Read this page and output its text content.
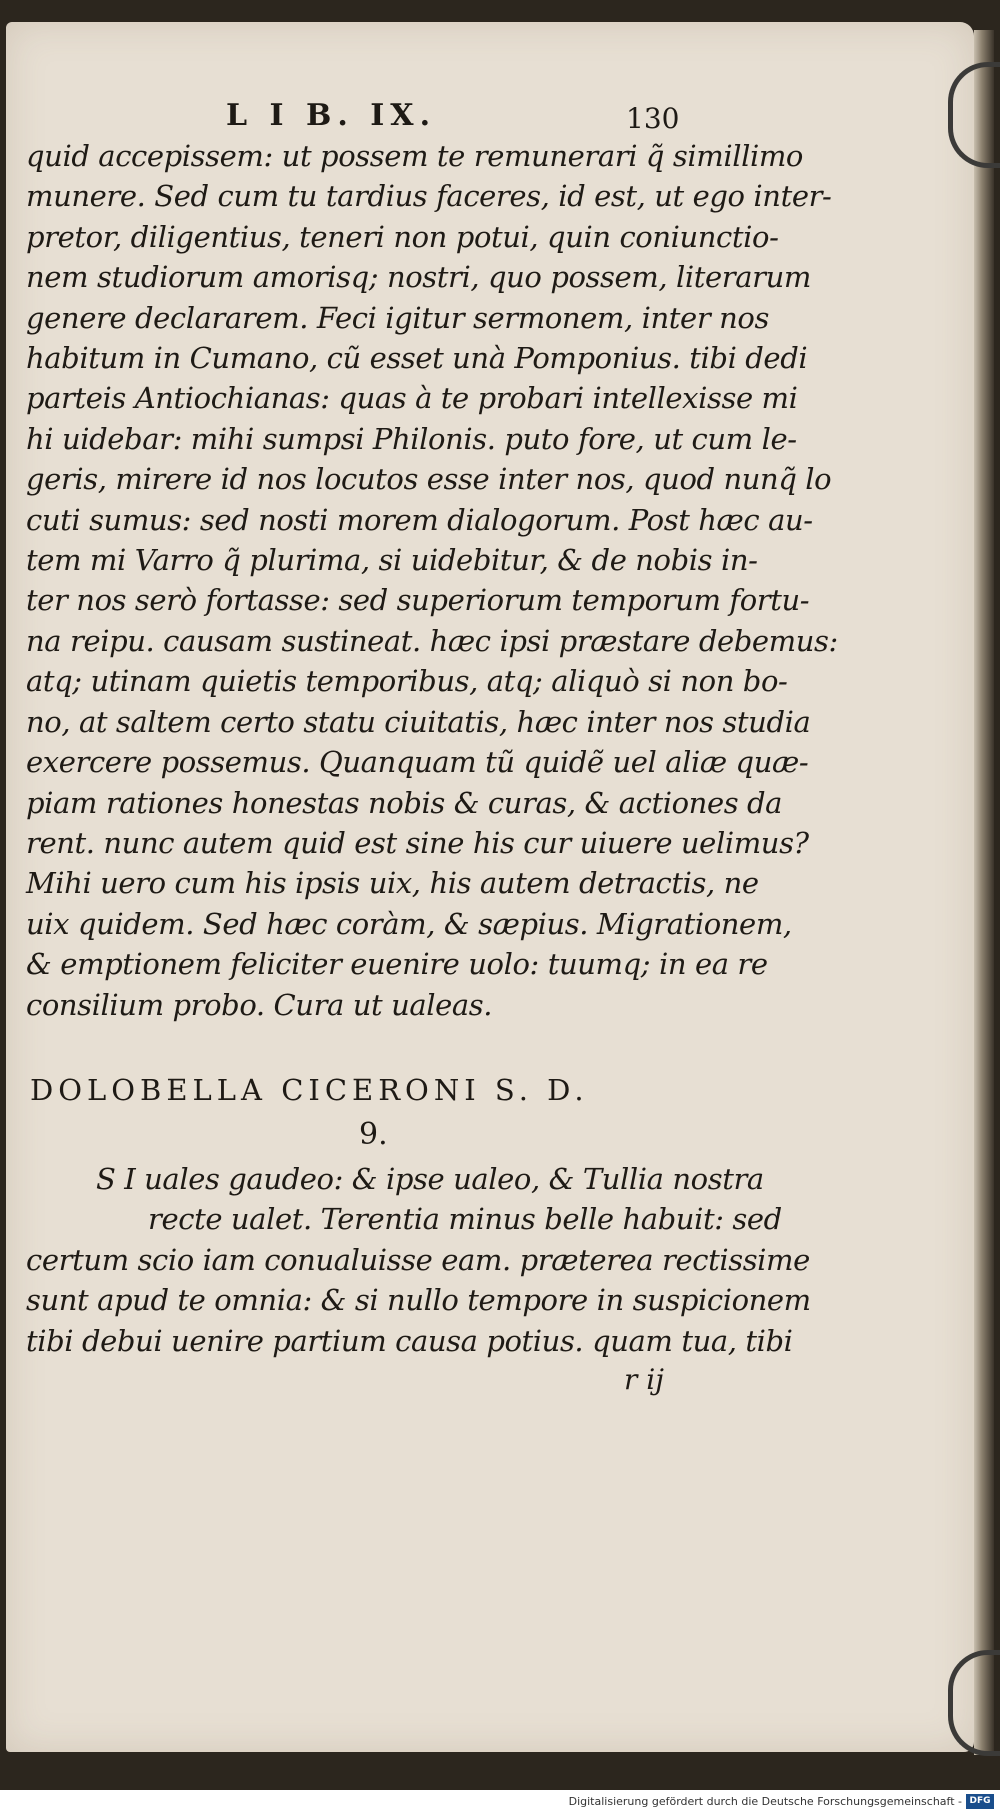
L I B. IX.	130
quid accepissem: ut possem te remunerari q̃ simillimo
munere. Sed cum tu tardius faceres, id est, ut ego inter-
pretor, diligentius, teneri non potui, quin coniunctio-
nem studiorum amorisq; nostri, quo possem, literarum
genere declararem. Feci igitur sermonem, inter nos
habitum in Cumano, cũ esset unà Pomponius. tibi dedi
parteis Antiochianas: quas à te probari intellexisse mi
hi uidebar: mihi sumpsi Philonis. puto fore, ut cum le-
geris, mirere id nos locutos esse inter nos, quod nunq̃ lo
cuti sumus: sed nosti morem dialogorum. Post hæc au-
tem mi Varro q̃ plurima, si uidebitur, & de nobis in-
ter nos serò fortasse: sed superiorum temporum fortu-
na reipu. causam sustineat. hæc ipsi præstare debemus:
atq; utinam quietis temporibus, atq; aliquò si non bo-
no, at saltem certo statu ciuitatis, hæc inter nos studia
exercere possemus. Quanquam tũ quidẽ uel aliæ quæ-
piam rationes honestas nobis & curas, & actiones da
rent. nunc autem quid est sine his cur uiuere uelimus?
Mihi uero cum his ipsis uix, his autem detractis, ne
uix quidem. Sed hæc coràm, & sæpius. Migrationem,
& emptionem feliciter euenire uolo: tuumq; in ea re
consilium probo. Cura ut ualeas.
DOLOBELLA CICERONI S. D.
9.
S I uales gaudeo: & ipse ualeo, & Tullia nostra
recte ualet. Terentia minus belle habuit: sed
certum scio iam conualuisse eam. præterea rectissime
sunt apud te omnia: & si nullo tempore in suspicionem
tibi debui uenire partium causa potius. quam tua, tibi
r ij
Digitalisierung gefördert durch die Deutsche Forschungsgemeinschaft - DFG
